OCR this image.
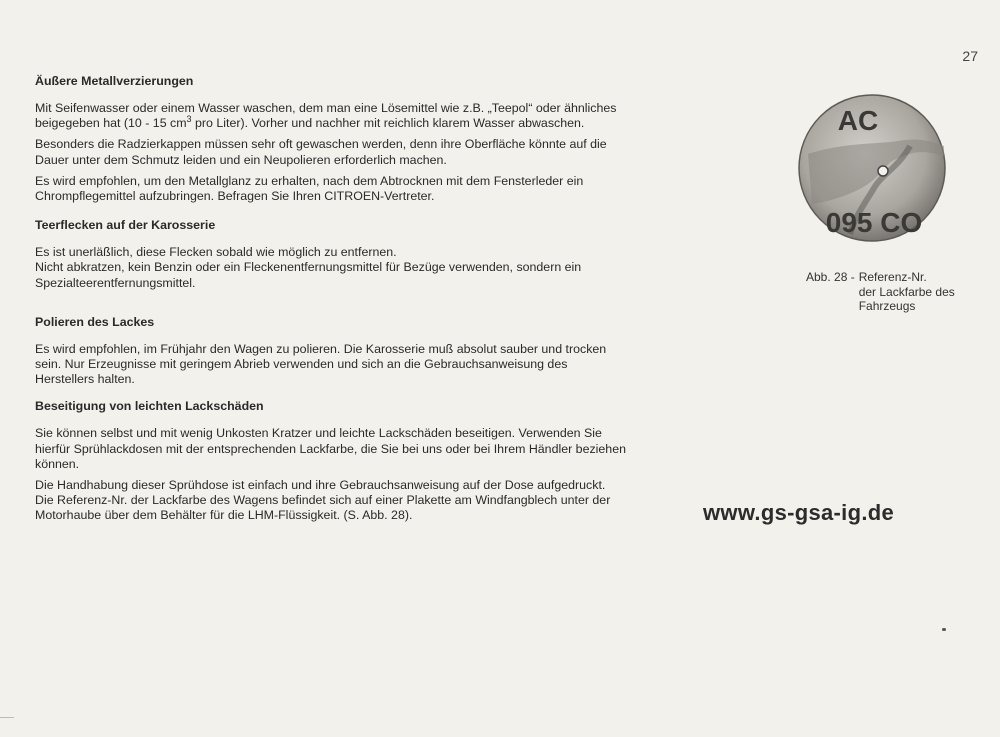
27
Äußere Metallverzierungen

Mit Seifenwasser oder einem Wasser waschen, dem man eine Lösemittel wie z.B. „Teepol“ oder ähnliches beigegeben hat (10 - 15 $cm^3$ pro Liter). Vorher und nachher mit reichlich klarem Wasser abwaschen.

Besonders die Radzierkappen müssen sehr oft gewaschen werden, denn ihre Oberfläche könnte auf die Dauer unter dem Schmutz leiden und ein Neupolieren erforderlich machen.

Es wird empfohlen, um den Metallglanz zu erhalten, nach dem Abtrocknen mit dem Fensterleder ein Chrompflegemittel aufzubringen. Befragen Sie Ihren CITROEN-Vertreter.

Teerflecken auf der Karosserie

Es ist unerläßlich, diese Flecken sobald wie möglich zu entfernen.

Nicht abkratzen, kein Benzin oder ein Fleckenentfernungsmittel für Bezüge verwenden, sondern ein Spezialteerentfernungsmittel.

Polieren des Lackes

Es wird empfohlen, im Frühjahr den Wagen zu polieren. Die Karosserie muß absolut sauber und trocken sein. Nur Erzeugnisse mit geringem Abrieb verwenden und sich an die Gebrauchsanweisung des Herstellers halten.

Beseitigung von leichten Lackschäden

Sie können selbst und mit wenig Unkosten Kratzer und leichte Lackschäden beseitigen. Verwenden Sie hierfür Sprühlackdosen mit der entsprechenden Lackfarbe, die Sie bei uns oder bei Ihrem Händler beziehen können.

Die Handhabung dieser Sprühdose ist einfach und ihre Gebrauchsanweisung auf der Dose aufgedruckt.

Die Referenz-Nr. der Lackfarbe des Wagens befindet sich auf einer Plakette am Windfangblech unter der Motorhaube über dem Behälter für die LHM-Flüssigkeit. (S. Abb. 28).

AC
095 CO
Abb. 28 - Referenz-Nr.
der Lackfarbe des
Fahrzeugs
www.gs-gsa-ig.de
